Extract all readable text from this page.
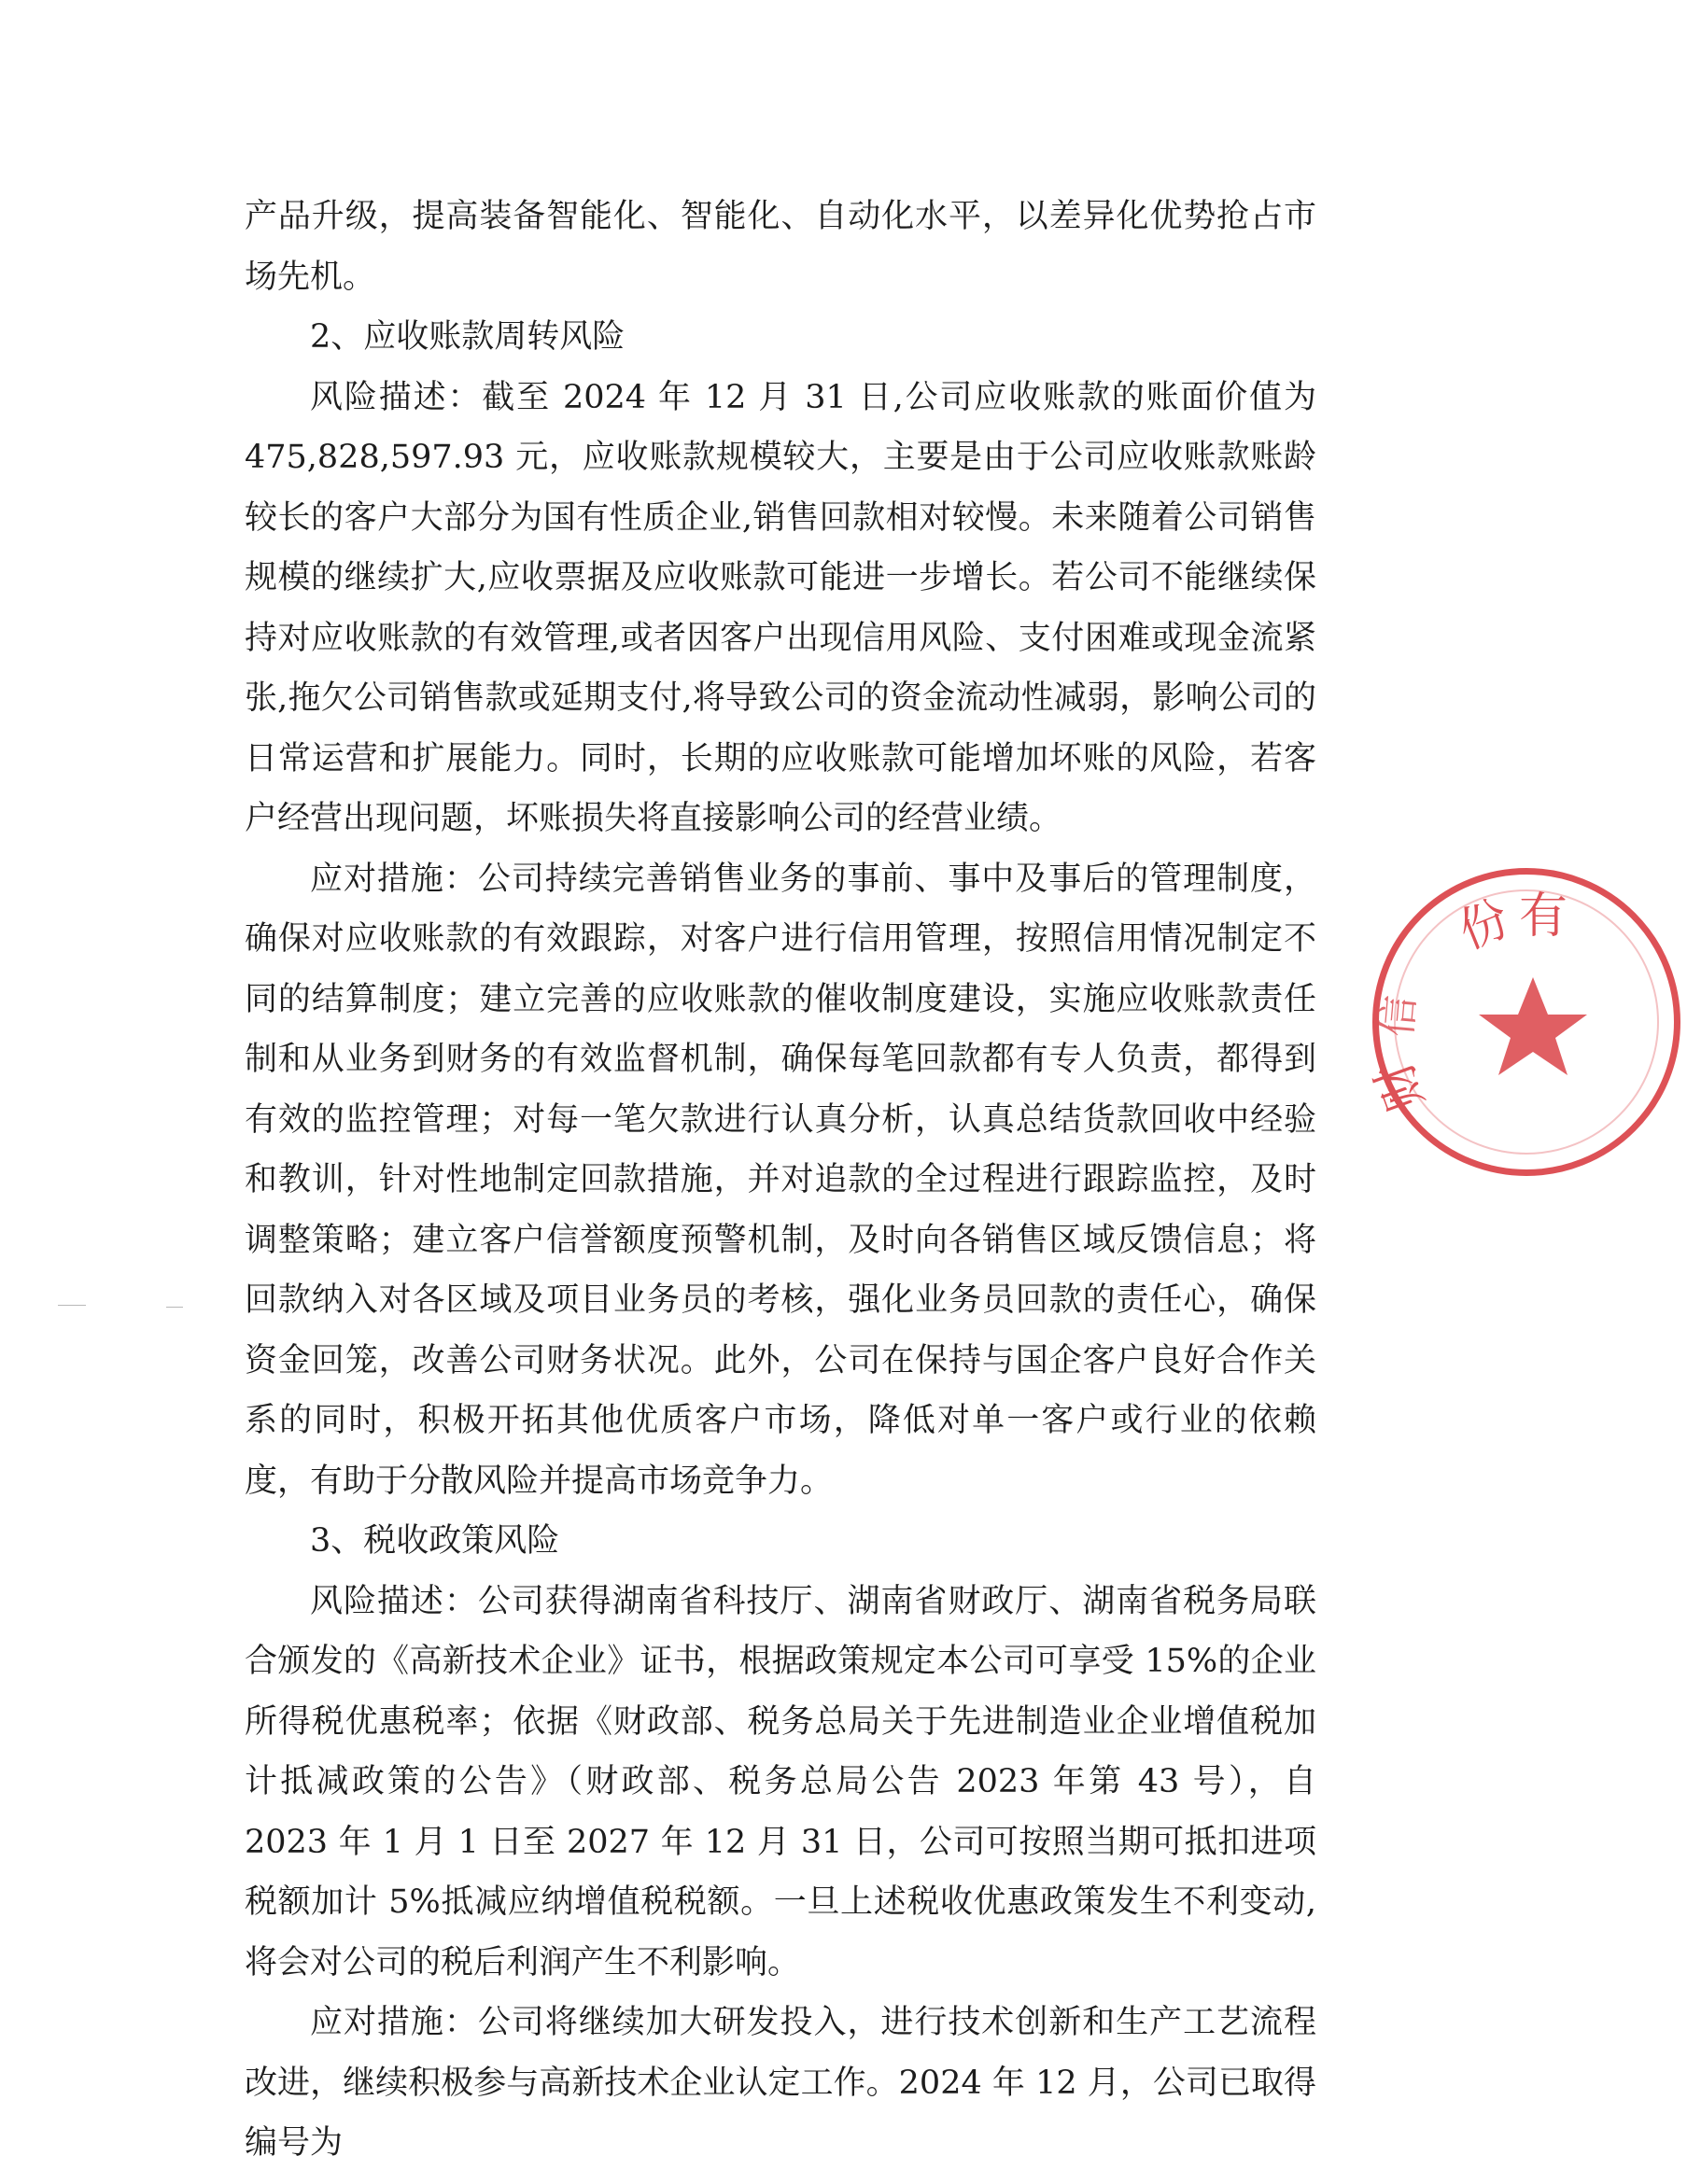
产品升级，提高装备智能化、智能化、自动化水平，以差异化优势抢占市场先机。

2、应收账款周转风险

风险描述：截至 2024 年 12 月 31 日,公司应收账款的账面价值为475,828,597.93 元，应收账款规模较大，主要是由于公司应收账款账龄较长的客户大部分为国有性质企业,销售回款相对较慢。未来随着公司销售规模的继续扩大,应收票据及应收账款可能进一步增长。若公司不能继续保持对应收账款的有效管理,或者因客户出现信用风险、支付困难或现金流紧张,拖欠公司销售款或延期支付,将导致公司的资金流动性减弱，影响公司的日常运营和扩展能力。同时，长期的应收账款可能增加坏账的风险，若客户经营出现问题，坏账损失将直接影响公司的经营业绩。

应对措施：公司持续完善销售业务的事前、事中及事后的管理制度，确保对应收账款的有效跟踪，对客户进行信用管理，按照信用情况制定不同的结算制度；建立完善的应收账款的催收制度建设，实施应收账款责任制和从业务到财务的有效监督机制，确保每笔回款都有专人负责，都得到有效的监控管理；对每一笔欠款进行认真分析，认真总结货款回收中经验和教训，针对性地制定回款措施，并对追款的全过程进行跟踪监控，及时调整策略；建立客户信誉额度预警机制，及时向各销售区域反馈信息；将回款纳入对各区域及项目业务员的考核，强化业务员回款的责任心，确保资金回笼，改善公司财务状况。此外，公司在保持与国企客户良好合作关系的同时，积极开拓其他优质客户市场，降低对单一客户或行业的依赖度，有助于分散风险并提高市场竞争力。

3、税收政策风险

风险描述：公司获得湖南省科技厅、湖南省财政厅、湖南省税务局联合颁发的《高新技术企业》证书，根据政策规定本公司可享受 15%的企业所得税优惠税率；依据《财政部、税务总局关于先进制造业企业增值税加计抵减政策的公告》（财政部、税务总局公告 2023 年第 43 号），自 2023 年 1 月 1 日至 2027 年 12 月 31 日，公司可按照当期可抵扣进项税额加计 5%抵减应纳增值税税额。一旦上述税收优惠政策发生不利变动,将会对公司的税后利润产生不利影响。

应对措施：公司将继续加大研发投入，进行技术创新和生产工艺流程改进，继续积极参与高新技术企业认定工作。2024 年 12 月，公司已取得编号为

份 有
财
信
